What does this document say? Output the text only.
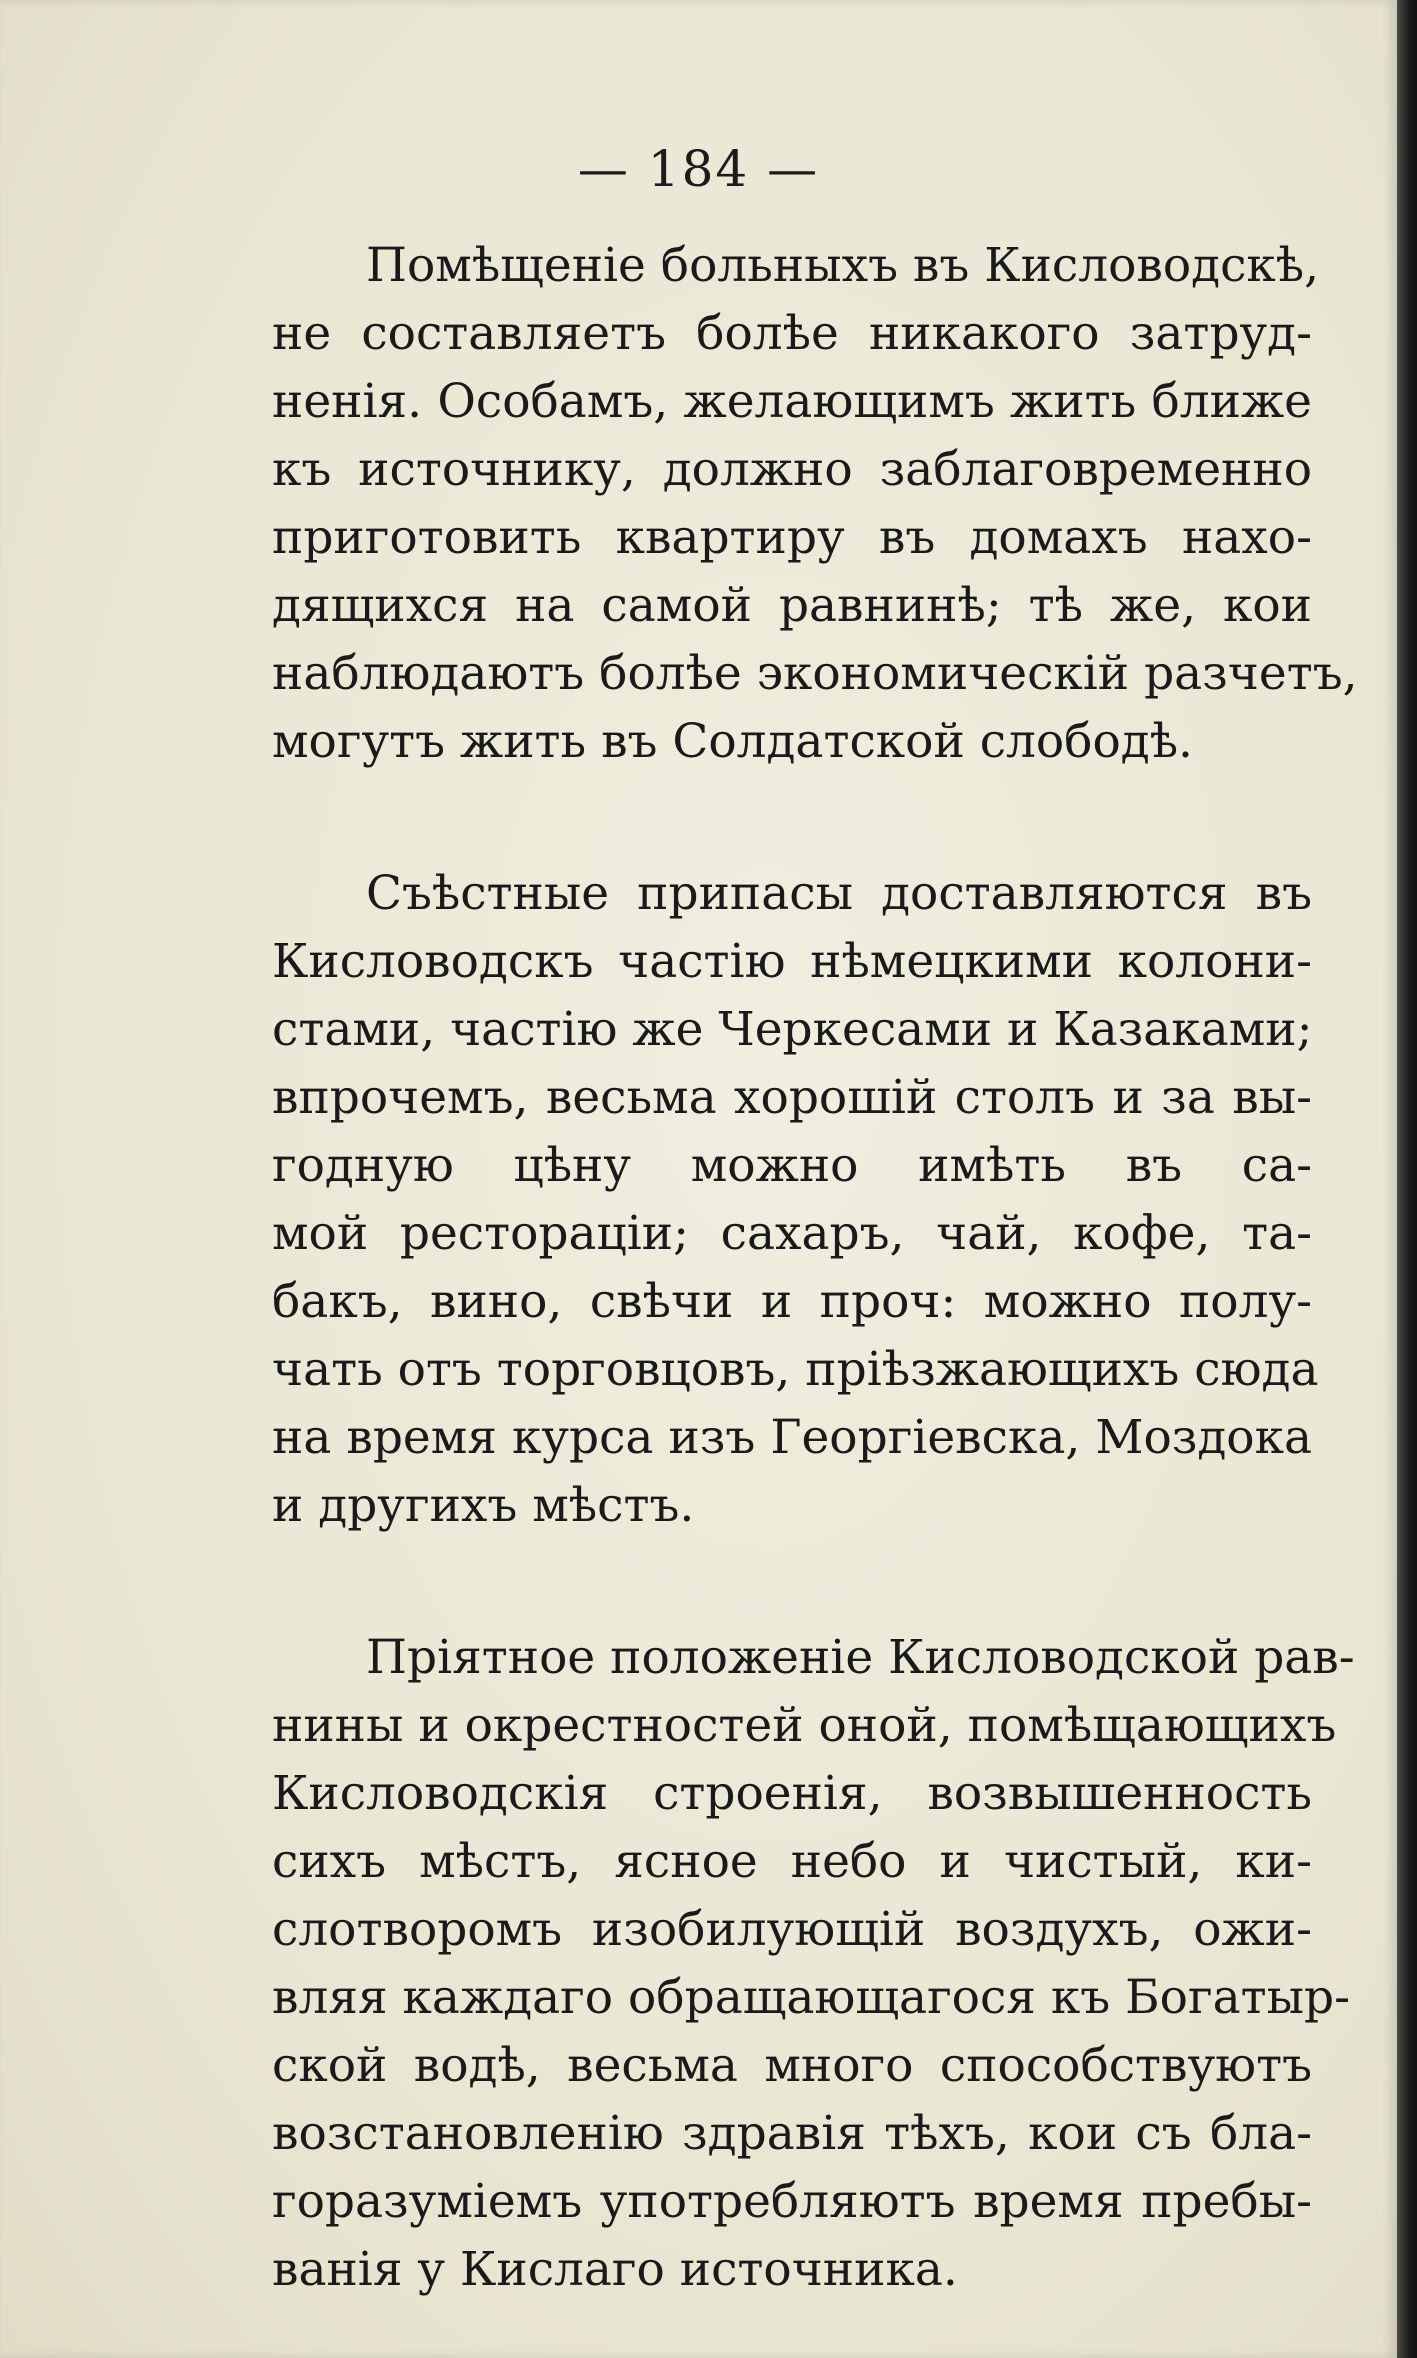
— 184 —
Помѣщеніе больныхъ въ Кисловодскѣ,
не составляетъ болѣе никакого затруд-
ненія. Особамъ, желающимъ жить ближе
къ источнику, должно заблаговременно
приготовить квартиру въ домахъ нахо-
дящихся на самой равнинѣ; тѣ же, кои
наблюдаютъ болѣе экономическій разчетъ,
могутъ жить въ Солдатской слободѣ.
Съѣстные припасы доставляются въ
Кисловодскъ частію нѣмецкими колони-
стами, частію же Черкесами и Казаками;
впрочемъ, весьма хорошій столъ и за вы-
годную цѣну можно имѣть въ са-
мой ресторацiи; сахаръ, чай, кофе, та-
бакъ, вино, свѣчи и проч: можно полу-
чать отъ торговцовъ, пріѣзжающихъ сюда
на время курса изъ Георгіевска, Моздока
и другихъ мѣстъ.
Пріятное положеніе Кисловодской рав-
нины и окрестностей оной, помѣщающихъ
Кисловодскія строенія, возвышенность
сихъ мѣстъ, ясное небо и чистый, ки-
слотворомъ изобилующій воздухъ, ожи-
вляя каждаго обращающагося къ Богатыр-
ской водѣ, весьма много способствуютъ
возстановленію здравія тѣхъ, кои съ бла-
горазуміемъ употребляютъ время пребы-
ванія у Кислаго источника.
